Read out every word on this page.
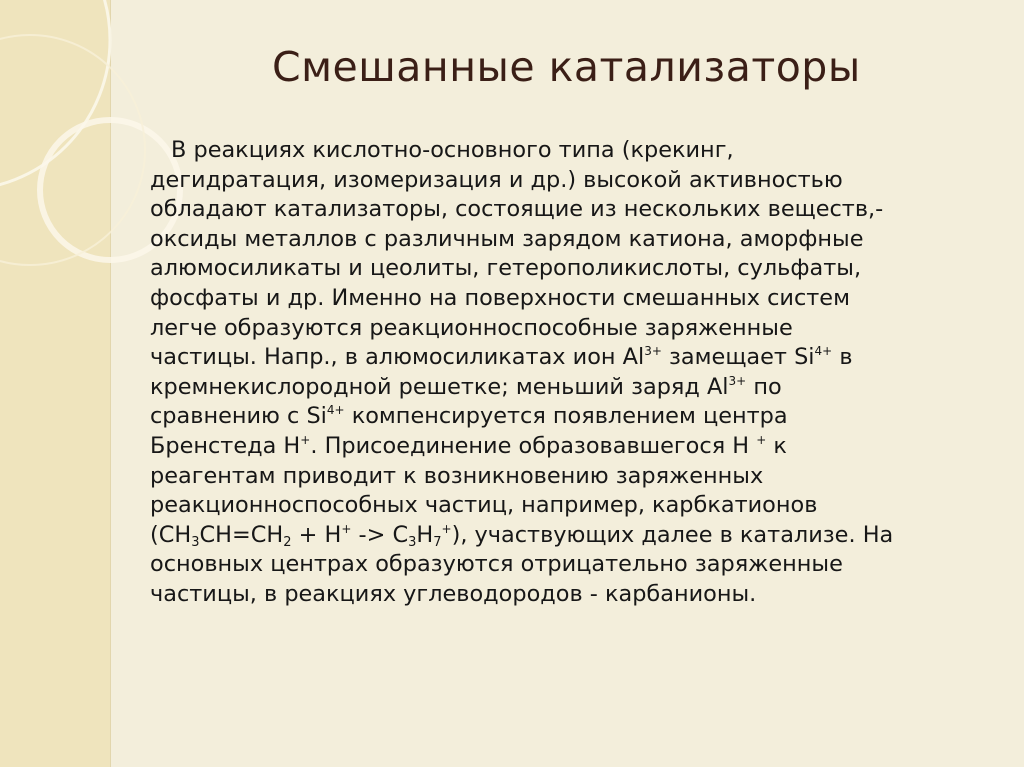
Смешанные катализаторы
В реакциях кислотно-основного типа (крекинг,
дегидратация, изомеризация и др.) высокой активностью
обладают катализаторы, состоящие из нескольких веществ,-
оксиды металлов с различным зарядом катиона, аморфные
алюмосиликаты и цеолиты, гетерополикислоты, сульфаты,
фосфаты и др. Именно на поверхности смешанных систем
легче образуются реакционноспособные заряженные
частицы. Напр., в алюмосиликатах ион $Al^{3+}$ замещает $Si^{4+}$ в
кремнекислородной решетке; меньший заряд $Al^{3+}$ по
сравнению с $Si^{4+}$ компенсируется появлением центра
Бренстеда H+. Присоединение образовавшегося H + к
реагентам приводит к возникновению заряженных
реакционноспособных частиц, например, карбкатионов
$(CH_3CH=CH_2 + H^+ -> C_3H_7^+)$, участвующих далее в катализе. На
основных центрах образуются отрицательно заряженные
частицы, в реакциях углеводородов - карбанионы.
